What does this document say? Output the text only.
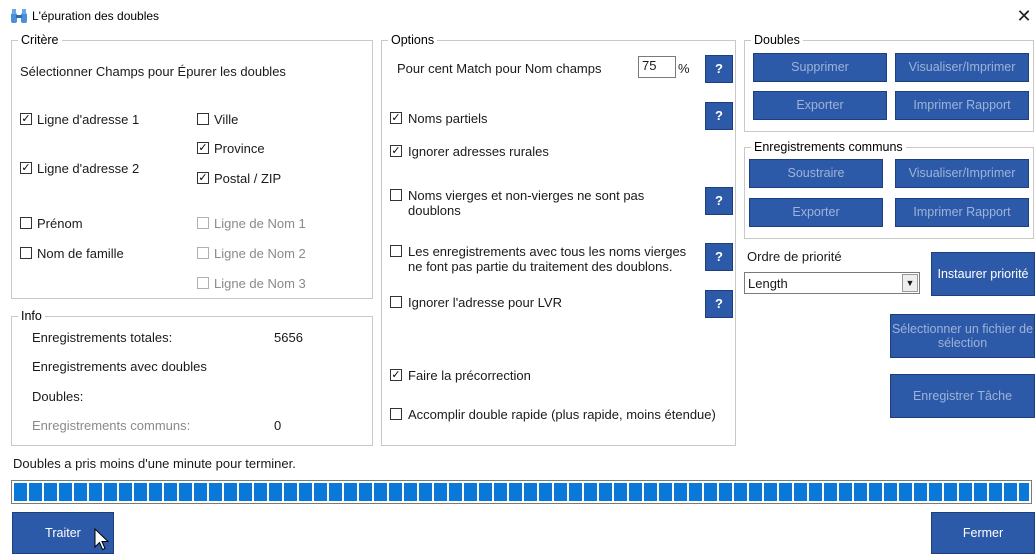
L'épuration des doubles	✕
Critère
Sélectionner Champs pour Épurer les doubles
✓ Ligne d'adresse 1
✓ Ligne d'adresse 2
Prénom
Nom de famille
Ville
✓ Province
✓ Postal / ZIP
Ligne de Nom 1
Ligne de Nom 2
Ligne de Nom 3
Info
Enregistrements totales:	5656
Enregistrements avec doubles
Doubles:
Enregistrements communs:	0
Options
Pour cent Match pour Nom champs	75	%	?
?
?
?
?
✓ Noms partiels
✓ Ignorer adresses rurales
Noms vierges et non-vierges ne sont pas doublons
Les enregistrements avec tous les noms vierges ne font pas partie du traitement des doublons.
Ignorer l'adresse pour LVR
✓ Faire la précorrection
Accomplir double rapide (plus rapide, moins étendue)
Doubles
Supprimer	Visualiser/Imprimer
Exporter	Imprimer Rapport
Enregistrements communs
Soustraire	Visualiser/Imprimer
Exporter	Imprimer Rapport
Ordre de priorité
Length	▼
Instaurer priorité
Sélectionner un fichier de sélection
Enregistrer Tâche
Doubles a pris moins d'une minute pour terminer.
Traiter	Fermer
